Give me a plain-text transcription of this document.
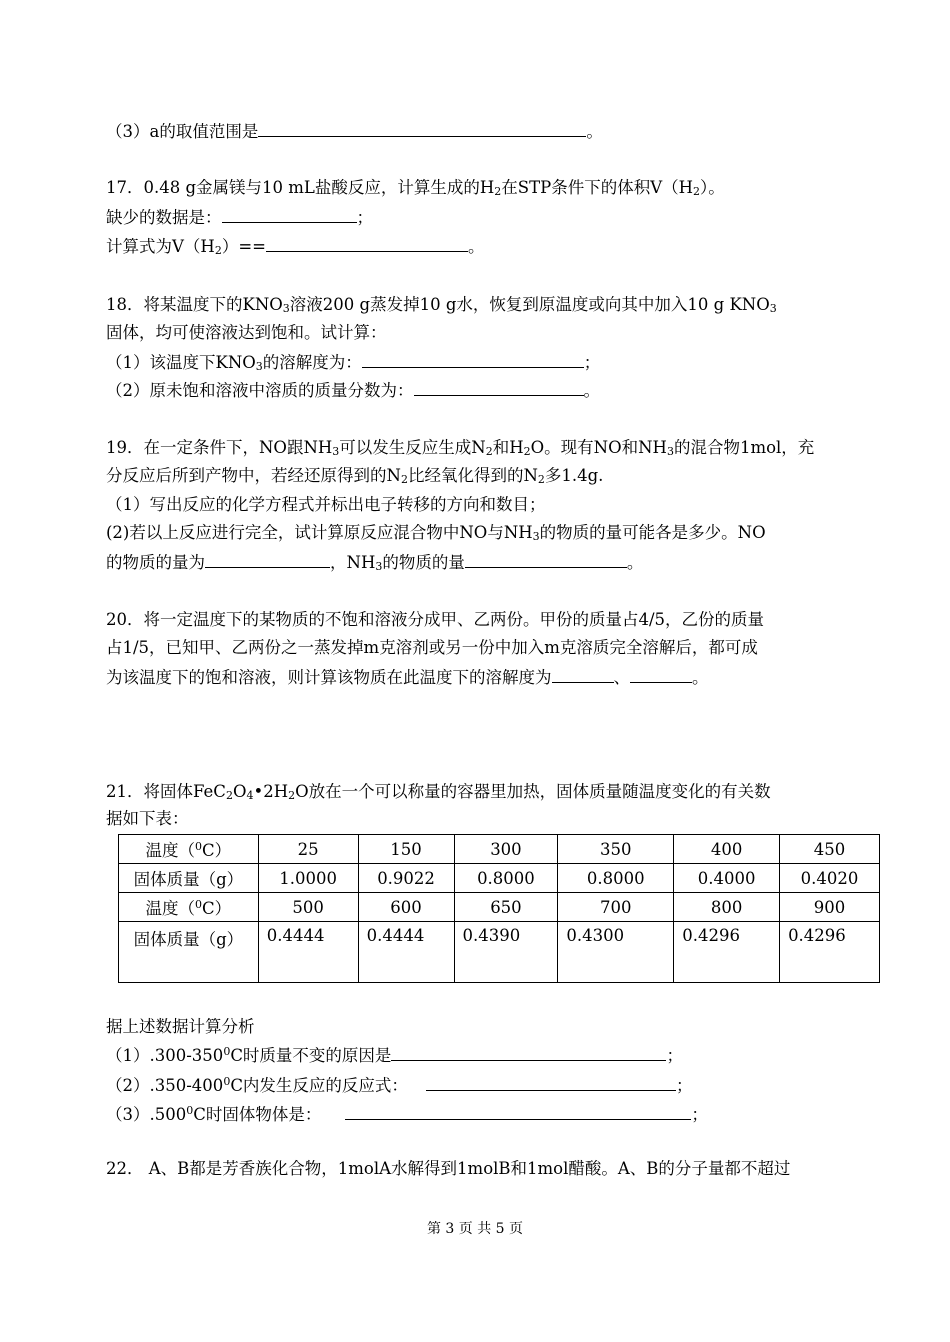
（3）a的取值范围是	。
17．0.48 g金属镁与10 mL盐酸反应，计算生成的$H_2$在STP条件下的体积$V(H_2)$。
缺少的数据是：	；
计算式为$V(H_2)==$	。
18．将某温度下的$KNO_3$溶液200 g蒸发掉10 g水，恢复到原温度或向其中加入10 g $KNO_3$
固体，均可使溶液达到饱和。试计算：
（1）该温度下$KNO_3$的溶解度为：	；
（2）原未饱和溶液中溶质的质量分数为：	。
19．在一定条件下，NO跟$NH_3$可以发生反应生成$N_2$和$H_2O$。现有NO和$NH_3$的混合物1mol，充
分反应后所到产物中，若经还原得到的$N_2$比经氧化得到的$N_2$多1.4g.
（1）写出反应的化学方程式并标出电子转移的方向和数目；
(2)若以上反应进行完全，试计算原反应混合物中NO与$NH_3$的物质的量可能各是多少。NO
的物质的量为	，$NH_3$的物质的量	。
20．将一定温度下的某物质的不饱和溶液分成甲、乙两份。甲份的质量占4/5，乙份的质量
占1/5，已知甲、乙两份之一蒸发掉m克溶剂或另一份中加入m克溶质完全溶解后，都可成
为该温度下的饱和溶液，则计算该物质在此温度下的溶解度为	、	。
21．将固体$FeC_2O_4•2H_2O$放在一个可以称量的容器里加热，固体质量随温度变化的有关数
据如下表：
温度（$^0$C）	25	150	300	350	400	450
固体质量（g）	1.0000	0.9022	0.8000	0.8000	0.4000	0.4020
温度（$^0$C）	500	600	650	700	800	900
固体质量（g）	0.4444	0.4444	0.4390	0.4300	0.4296	0.4296
据上述数据计算分析
$(1).300-350^0C$时质量不变的原因是	；
$(2).350-400^0C$内发生反应的反应式：	；
（3）.500$^0$C时固体物体是：	；
22． A、B都是芳香族化合物，1molA水解得到1molB和1mol醋酸。A、B的分子量都不超过
第 3 页 共 5 页
